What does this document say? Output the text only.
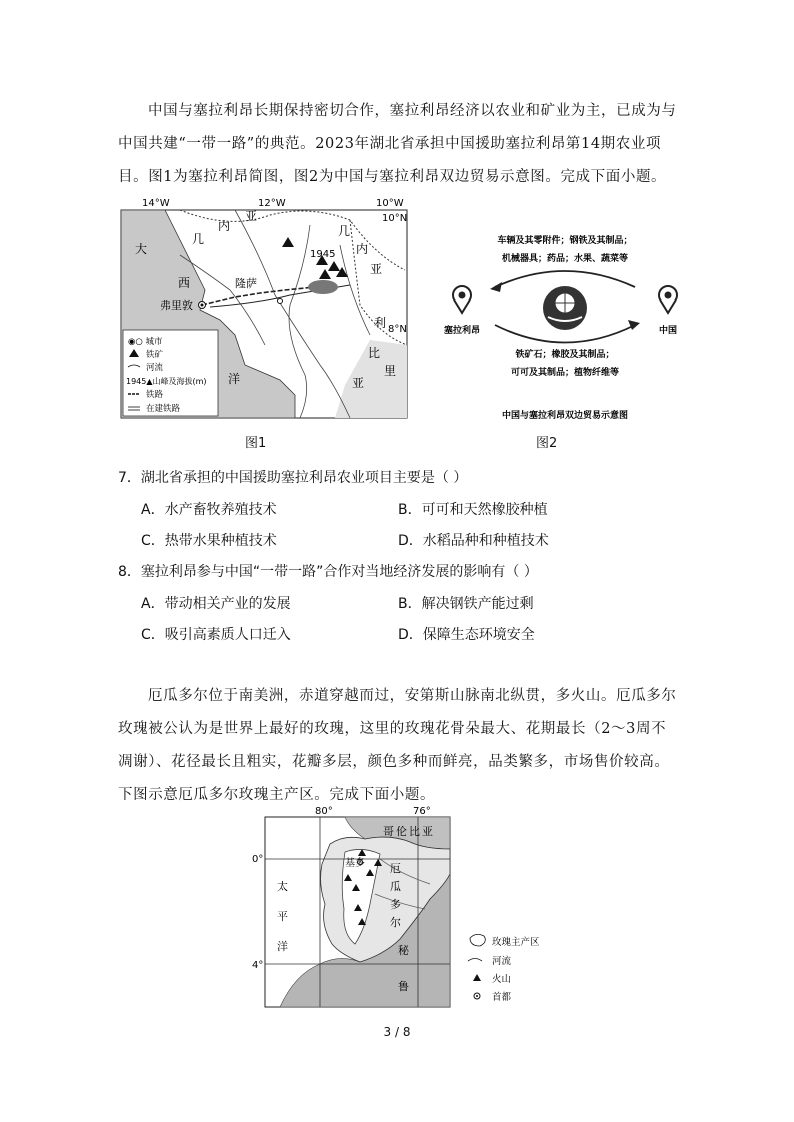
中国与塞拉利昂长期保持密切合作，塞拉利昂经济以农业和矿业为主，已成为与中国共建“一带一路”的典范。2023年湖北省承担中国援助塞拉利昂第14期农业项目。图1为塞拉利昂简图，图2为中国与塞拉利昂双边贸易示意图。完成下面小题。

14°W	12°W	10°W
10°N
8°N
大
西
洋
几
内
亚
几
内
亚
利
比
里
亚
隆萨
弗里敦
1945
◉○ 城市
铁矿
河流
1945▲山峰及海拔(m)
铁路
在建铁路
图1
车辆及其零附件；钢铁及其制品；
机械器具；药品；水果、蔬菜等
塞拉利昂	中国
铁矿石；橡胶及其制品；
可可及其制品；植物纤维等
中国与塞拉利昂双边贸易示意图
图2
7．湖北省承担的中国援助塞拉利昂农业项目主要是（ ）
A．水产畜牧养殖技术	B．可可和天然橡胶种植
C．热带水果种植技术	D．水稻品种和种植技术
8．塞拉利昂参与中国“一带一路”合作对当地经济发展的影响有（ ）
A．带动相关产业的发展	B．解决钢铁产能过剩
C．吸引高素质人口迁入	D．保障生态环境安全

厄瓜多尔位于南美洲，赤道穿越而过，安第斯山脉南北纵贯，多火山。厄瓜多尔玫瑰被公认为是世界上最好的玫瑰，这里的玫瑰花骨朵最大、花期最长（2～3周不凋谢）、花径最长且粗实，花瓣多层，颜色多种而鲜亮，品类繁多，市场售价较高。下图示意厄瓜多尔玫瑰主产区。完成下面小题。

80°	76°
0°
4°
哥 伦 比 亚
基多 厄
瓜
多
尔
太
平
洋	秘
鲁
玫瑰主产区
河流
火山
首都
3 / 8
